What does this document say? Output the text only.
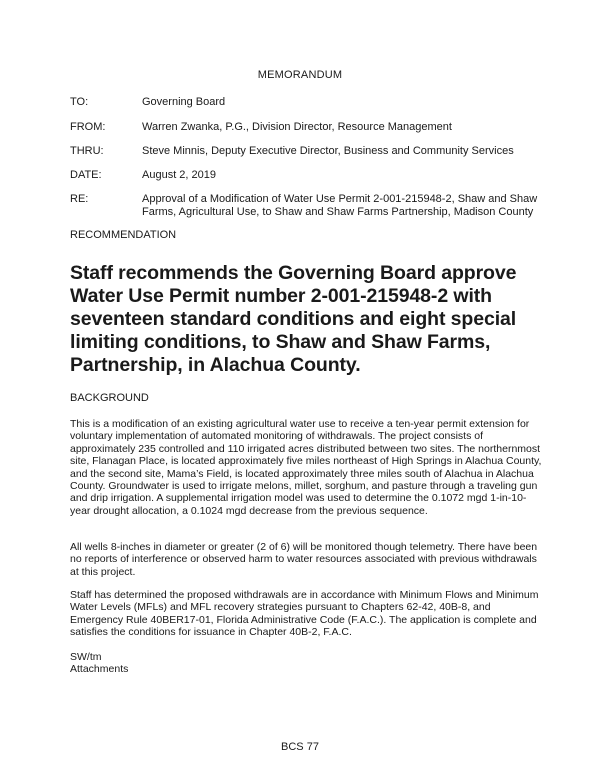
MEMORANDUM
TO:	Governing Board
FROM:	Warren Zwanka, P.G., Division Director, Resource Management
THRU:	Steve Minnis, Deputy Executive Director, Business and Community Services
DATE:	August 2, 2019
RE:	Approval of a Modification of Water Use Permit 2-001-215948-2, Shaw and Shaw Farms, Agricultural Use, to Shaw and Shaw Farms Partnership, Madison County
RECOMMENDATION
Staff recommends the Governing Board approve Water Use Permit number 2-001-215948-2 with seventeen standard conditions and eight special limiting conditions, to Shaw and Shaw Farms, Partnership, in Alachua County.
BACKGROUND
This is a modification of an existing agricultural water use to receive a ten-year permit extension for voluntary implementation of automated monitoring of withdrawals. The project consists of approximately 235 controlled and 110 irrigated acres distributed between two sites. The northernmost site, Flanagan Place, is located approximately five miles northeast of High Springs in Alachua County, and the second site, Mama’s Field, is located approximately three miles south of Alachua in Alachua County. Groundwater is used to irrigate melons, millet, sorghum, and pasture through a traveling gun and drip irrigation. A supplemental irrigation model was used to determine the 0.1072 mgd 1-in-10-year drought allocation, a 0.1024 mgd decrease from the previous sequence.
All wells 8-inches in diameter or greater (2 of 6) will be monitored though telemetry. There have been no reports of interference or observed harm to water resources associated with previous withdrawals at this project.
Staff has determined the proposed withdrawals are in accordance with Minimum Flows and Minimum Water Levels (MFLs) and MFL recovery strategies pursuant to Chapters 62-42, 40B-8, and Emergency Rule 40BER17-01, Florida Administrative Code (F.A.C.). The application is complete and satisfies the conditions for issuance in Chapter 40B-2, F.A.C.
SW/tm
Attachments
BCS 77
